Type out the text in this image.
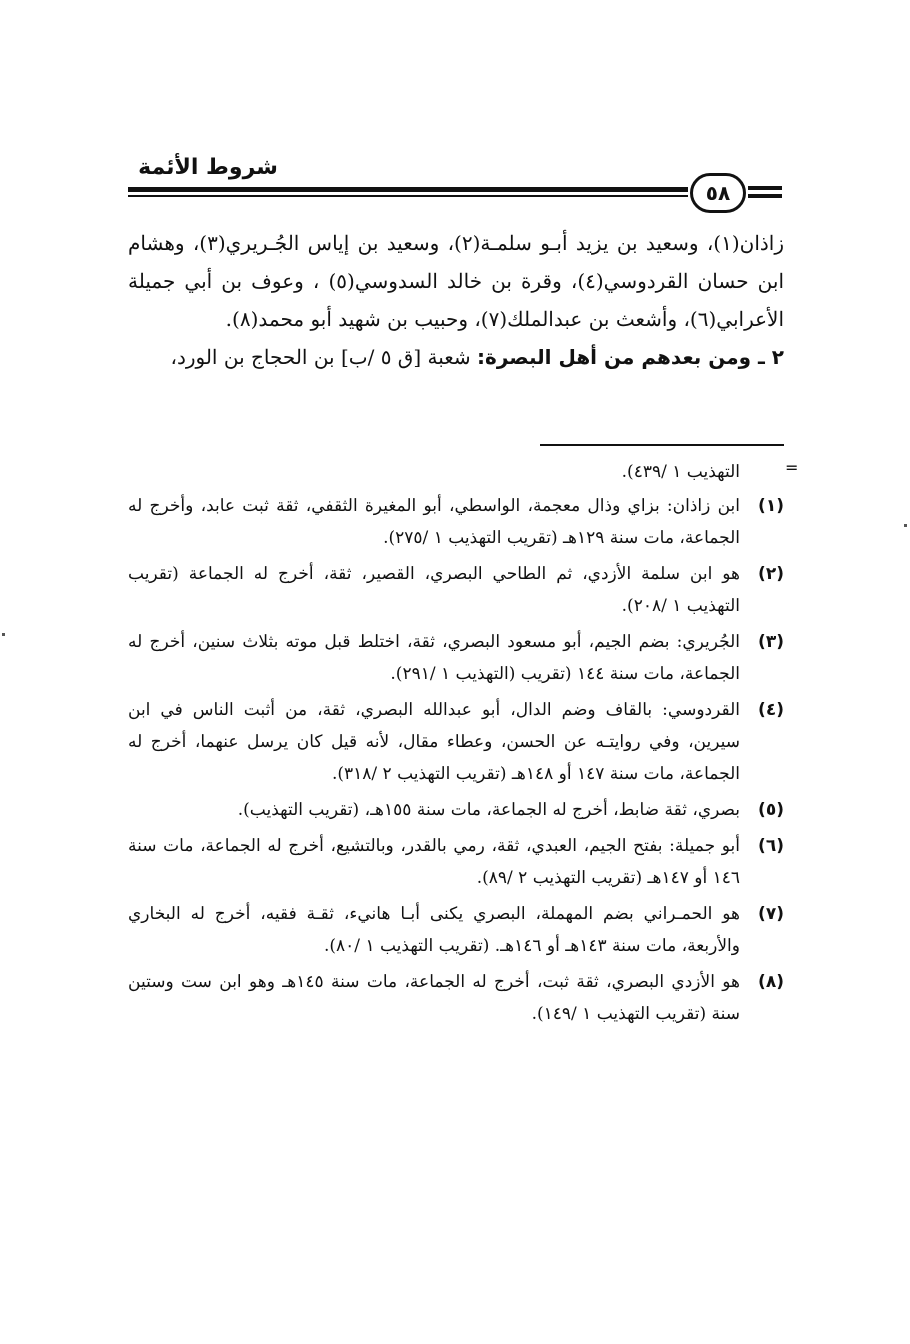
شروط الأئمة
٥٨

زاذان(١)، وسعيد بن يزيد أبـو سلمـة(٢)، وسعيد بن إياس الجُـريري(٣)، وهشام ابن حسان القردوسي(٤)، وقرة بن خالد السدوسي(٥) ، وعوف بن أبي جميلة الأعرابي(٦)، وأشعث بن عبدالملك(٧)، وحبيب بن شهيد أبو محمد(٨).

٢ ـ ومن بعدهم من أهل البصرة: شعبة [ق ٥ /ب] بن الحجاج بن الورد،

=
التهذيب ١ /٤٣٩).
(١)
ابن زاذان: بزاي وذال معجمة، الواسطي، أبو المغيرة الثقفي، ثقة ثبت عابد، وأخرج له الجماعة، مات سنة ١٢٩هـ (تقريب التهذيب ١ /٢٧٥).
(٢)
هو ابن سلمة الأزدي، ثم الطاحي البصري، القصير، ثقة، أخرج له الجماعة (تقريب التهذيب ١ /٢٠٨).
(٣)
الجُريري: بضم الجيم، أبو مسعود البصري، ثقة، اختلط قبل موته بثلاث سنين، أخرج له الجماعة، مات سنة ١٤٤ (تقريب (التهذيب ١ /٢٩١).
(٤)
القردوسي: بالقاف وضم الدال، أبو عبدالله البصري، ثقة، من أثبت الناس في ابن سيرين، وفي روايتـه عن الحسن، وعطاء مقال، لأنه قيل كان يرسل عنهما، أخرج له الجماعة، مات سنة ١٤٧ أو ١٤٨هـ (تقريب التهذيب ٢ /٣١٨).
(٥)
بصري، ثقة ضابط، أخرج له الجماعة، مات سنة ١٥٥هـ، (تقريب التهذيب).
(٦)
أبو جميلة: بفتح الجيم، العبدي، ثقة، رمي بالقدر، وبالتشيع، أخرج له الجماعة، مات سنة ١٤٦ أو ١٤٧هـ (تقريب التهذيب ٢ /٨٩).
(٧)
هو الحمـراني بضم المهملة، البصري يكنى أبـا هانيء، ثقـة فقيه، أخرج له البخاري والأربعة، مات سنة ١٤٣هـ أو ١٤٦هـ. (تقريب التهذيب ١ /٨٠).
(٨)
هو الأزدي البصري، ثقة ثبت، أخرج له الجماعة، مات سنة ١٤٥هـ وهو ابن ست وستين سنة (تقريب التهذيب ١ /١٤٩).
